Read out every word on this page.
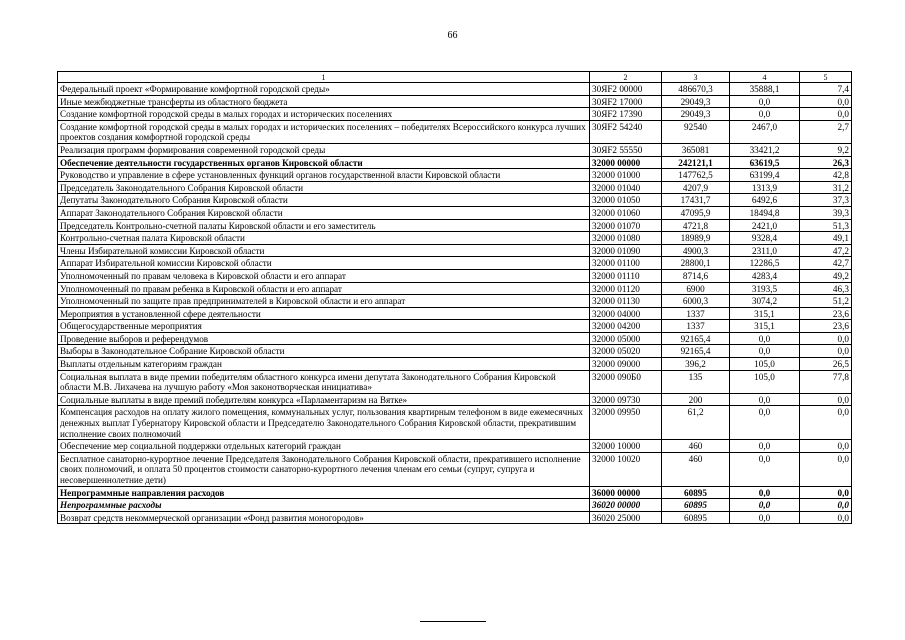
66
1	2	3	4	5
Федеральный проект «Формирование комфортной городской среды»	30ЯF2 00000	486670,3	35888,1	7,4
Иные межбюджетные трансферты из областного бюджета	30ЯF2 17000	29049,3	0,0	0,0
Создание комфортной городской среды в малых городах и исторических поселениях	30ЯF2 17390	29049,3	0,0	0,0
Создание комфортной городской среды в малых городах и исторических поселениях – победителях Всероссийского конкурса лучших проектов создания комфортной городской среды	30ЯF2 54240	92540	2467,0	2,7
Реализация программ формирования современной городской среды	30ЯF2 55550	365081	33421,2	9,2
Обеспечение деятельности государственных органов Кировской области	32000 00000	242121,1	63619,5	26,3
Руководство и управление в сфере установленных функций органов государственной власти Кировской области	32000 01000	147762,5	63199,4	42,8
Председатель Законодательного Собрания Кировской области	32000 01040	4207,9	1313,9	31,2
Депутаты Законодательного Собрания Кировской области	32000 01050	17431,7	6492,6	37,3
Аппарат Законодательного Собрания Кировской области	32000 01060	47095,9	18494,8	39,3
Председатель Контрольно-счетной палаты Кировской области и его заместитель	32000 01070	4721,8	2421,0	51,3
Контрольно-счетная палата Кировской области	32000 01080	18989,9	9328,4	49,1
Члены Избирательной комиссии Кировской области	32000 01090	4900,3	2311,0	47,2
Аппарат Избирательной комиссии Кировской области	32000 01100	28800,1	12286,5	42,7
Уполномоченный по правам человека в Кировской области и его аппарат	32000 01110	8714,6	4283,4	49,2
Уполномоченный по правам ребенка в Кировской области и его аппарат	32000 01120	6900	3193,5	46,3
Уполномоченный по защите прав предпринимателей в Кировской области и его аппарат	32000 01130	6000,3	3074,2	51,2
Мероприятия в установленной сфере деятельности	32000 04000	1337	315,1	23,6
Общегосударственные мероприятия	32000 04200	1337	315,1	23,6
Проведение выборов и референдумов	32000 05000	92165,4	0,0	0,0
Выборы в Законодательное Собрание Кировской области	32000 05020	92165,4	0,0	0,0
Выплаты отдельным категориям граждан	32000 09000	396,2	105,0	26,5
Социальная выплата в виде премии победителям областного конкурса имени депутата Законодательного Собрания Кировской области М.В. Лихачева на лучшую работу «Моя законотворческая инициатива»	32000 090Б0	135	105,0	77,8
Социальные выплаты в виде премий победителям конкурса «Парламентаризм на Вятке»	32000 09730	200	0,0	0,0
Компенсация расходов на оплату жилого помещения, коммунальных услуг, пользования квартирным телефоном в виде ежемесячных денежных выплат Губернатору Кировской области и Председателю Законодательного Собрания Кировской области, прекратившим исполнение своих полномочий	32000 09950	61,2	0,0	0,0
Обеспечение мер социальной поддержки отдельных категорий граждан	32000 10000	460	0,0	0,0
Бесплатное санаторно-курортное лечение Председателя Законодательного Собрания Кировской области, прекратившего исполнение своих полномочий, и оплата 50 процентов стоимости санаторно-курортного лечения членам его семьи (супруг, супруга и несовершеннолетние дети)	32000 10020	460	0,0	0,0
Непрограммные направления расходов	36000 00000	60895	0,0	0,0
Непрограммные расходы	36020 00000	60895	0,0	0,0
Возврат средств некоммерческой организации «Фонд развития моногородов»	36020 25000	60895	0,0	0,0
